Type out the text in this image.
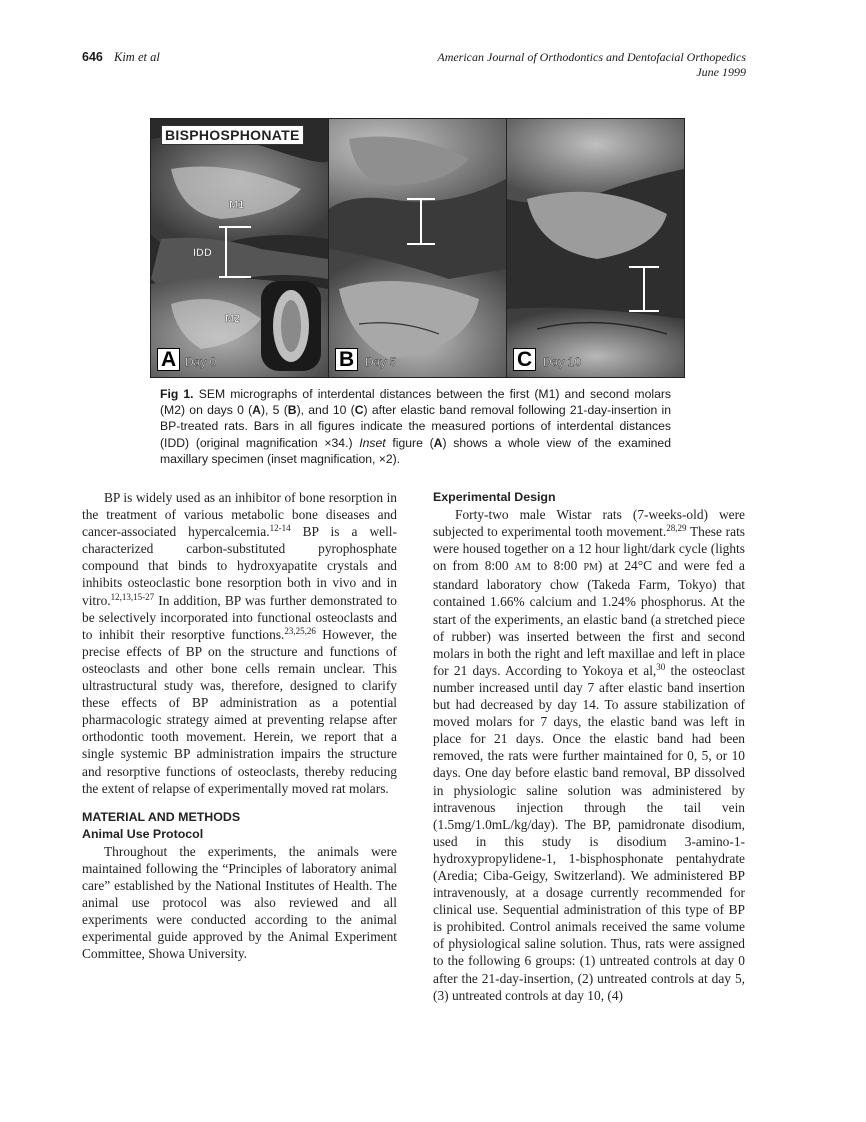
646 Kim et al	American Journal of Orthodontics and Dentofacial Orthopedics
June 1999
BISPHOSPHONATE
M1
IDD
M2
A Day 0	B Day 5	C Day 10
Fig 1. SEM micrographs of interdental distances between the first (M1) and second molars (M2) on days 0 (A), 5 (B), and 10 (C) after elastic band removal following 21-day-insertion in BP-treated rats. Bars in all figures indicate the measured portions of interdental distances (IDD) (original magnification ×34.) Inset figure (A) shows a whole view of the examined maxillary specimen (inset magnification, ×2).

BP is widely used as an inhibitor of bone resorption in the treatment of various metabolic bone diseases and cancer-associated hypercalcemia.$^{12-14}$ BP is a well-characterized carbon-substituted pyrophosphate compound that binds to hydroxyapatite crystals and inhibits osteoclastic bone resorption both in vivo and in vitro.$^{12,13,15-27}$ In addition, BP was further demonstrated to be selectively incorporated into functional osteoclasts and to inhibit their resorptive functions.$^{23,25,26}$ However, the precise effects of BP on the structure and functions of osteoclasts and other bone cells remain unclear. This ultrastructural study was, therefore, designed to clarify these effects of BP administration as a potential pharmacologic strategy aimed at preventing relapse after orthodontic tooth movement. Herein, we report that a single systemic BP administration impairs the structure and resorptive functions of osteoclasts, thereby reducing the extent of relapse of experimentally moved rat molars.

MATERIAL AND METHODS
Animal Use Protocol

Throughout the experiments, the animals were maintained following the “Principles of laboratory animal care” established by the National Institutes of Health. The animal use protocol was also reviewed and all experiments were conducted according to the animal experimental guide approved by the Animal Experiment Committee, Showa University.

Experimental Design

Forty-two male Wistar rats (7-weeks-old) were subjected to experimental tooth movement.$^{28,29}$ These rats were housed together on a 12 hour light/dark cycle (lights on from 8:00 AM to 8:00 PM) at 24°C and were fed a standard laboratory chow (Takeda Farm, Tokyo) that contained 1.66% calcium and 1.24% phosphorus. At the start of the experiments, an elastic band (a stretched piece of rubber) was inserted between the first and second molars in both the right and left maxillae and left in place for 21 days. According to Yokoya et al,$^{30}$ the osteoclast number increased until day 7 after elastic band insertion but had decreased by day 14. To assure stabilization of moved molars for 7 days, the elastic band was left in place for 21 days. Once the elastic band had been removed, the rats were further maintained for 0, 5, or 10 days. One day before elastic band removal, BP dissolved in physiologic saline solution was administered by intravenous injection through the tail vein (1.5mg/1.0mL/kg/day). The BP, pamidronate disodium, used in this study is disodium 3-amino-1-hydroxypropylidene-1, 1-bisphosphonate pentahydrate (Aredia; Ciba-Geigy, Switzerland). We administered BP intravenously, at a dosage currently recommended for clinical use. Sequential administration of this type of BP is prohibited. Control animals received the same volume of physiological saline solution. Thus, rats were assigned to the following 6 groups: (1) untreated controls at day 0 after the 21-day-insertion, (2) untreated controls at day 5, (3) untreated controls at day 10, (4)
